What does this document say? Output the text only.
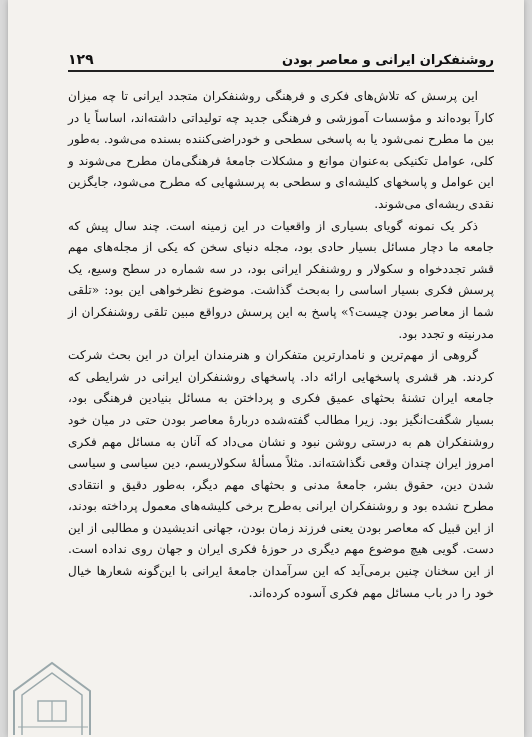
روشنفکران ایرانی و معاصر بودن
۱۲۹

این پرسش که تلاش‌های فکری و فرهنگی روشنفکران متجدد ایرانی تا چه میزان کارآ بوده‌اند و مؤسسات آموزشی و فرهنگی جدید چه تولیداتی داشته‌اند، اساساً یا در بین ما مطرح نمی‌شود یا به پاسخی سطحی و خودراضی‌کننده بسنده می‌شود. به‌طور کلی، عوامل تکنیکی به‌عنوان موانع و مشکلات جامعهٔ فرهنگی‌مان مطرح می‌شوند و این عوامل و پاسخهای کلیشه‌ای و سطحی به پرسشهایی که مطرح می‌شود، جایگزین نقدی ریشه‌ای می‌شوند.

ذکر یک نمونه گویای بسیاری از واقعیات در این زمینه است. چند سال پیش که جامعه ما دچار مسائل بسیار حادی بود، مجله دنیای سخن که یکی از مجله‌های مهم قشر تجددخواه و سکولار و روشنفکر ایرانی بود، در سه شماره در سطح وسیع، یک پرسش فکری بسیار اساسی را به‌بحث گذاشت. موضوع نظرخواهی این بود: «تلقی شما از معاصر بودن چیست؟» پاسخ به این پرسش درواقع مبین تلقی روشنفکران از مدرنیته و تجدد بود.

گروهی از مهم‌ترین و نامدارترین متفکران و هنرمندان ایران در این بحث شرکت کردند. هر قشری پاسخهایی ارائه داد. پاسخهای روشنفکران ایرانی در شرایطی که جامعه ایران تشنهٔ بحثهای عمیق فکری و پرداختن به مسائل بنیادین فرهنگی بود، بسیار شگفت‌انگیز بود. زیرا مطالب گفته‌شده دربارهٔ معاصر بودن حتی در میان خود روشنفکران هم به درستی روشن نبود و نشان می‌داد که آنان به مسائل مهم فکری امروز ایران چندان وقعی نگذاشته‌اند. مثلاً مسألهٔ سکولاریسم، دین سیاسی و سیاسی شدن دین، حقوق بشر، جامعهٔ مدنی و بحثهای مهم دیگر، به‌طور دقیق و انتقادی مطرح نشده بود و روشنفکران ایرانی به‌طرح برخی کلیشه‌های معمول پرداخته بودند، از این قبیل که معاصر بودن یعنی فرزند زمان بودن، جهانی اندیشیدن و مطالبی از این دست. گویی هیچ موضوع مهم دیگری در حوزهٔ فکری ایران و جهان روی نداده است. از این سخنان چنین برمی‌آید که این سرآمدان جامعهٔ ایرانی با این‌گونه شعارها خیال خود را در باب مسائل مهم فکری آسوده کرده‌اند.
